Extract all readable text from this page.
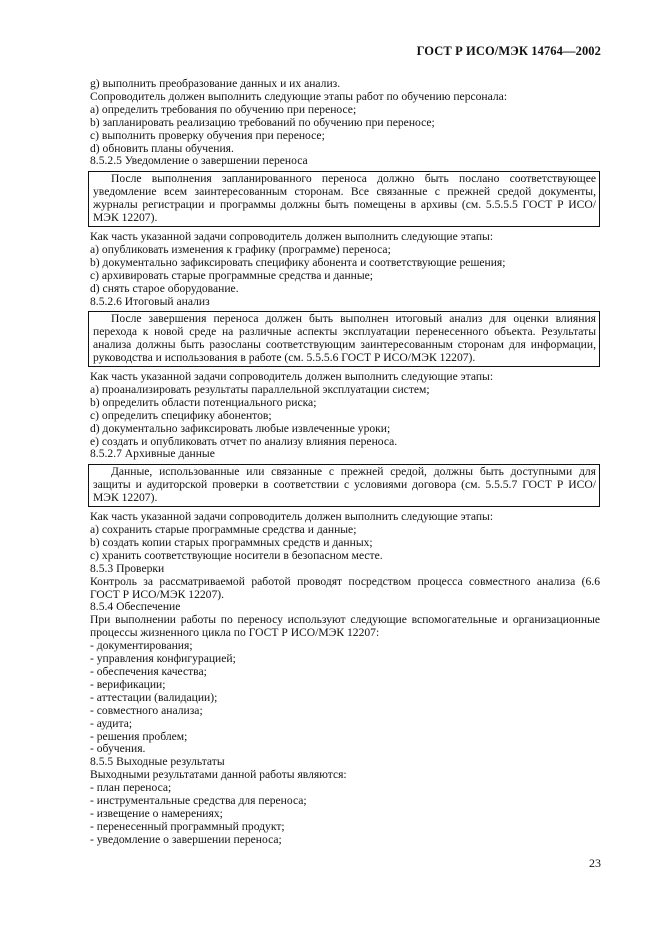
ГОСТ Р ИСО/МЭК 14764—2002

g) выполнить преобразование данных и их анализ.

Сопроводитель должен выполнить следующие этапы работ по обучению персонала:

a) определить требования по обучению при переносе;

b) запланировать реализацию требований по обучению при переносе;

c) выполнить проверку обучения при переносе;

d) обновить планы обучения.

8.5.2.5 Уведомление о завершении переноса

После выполнения запланированного переноса должно быть послано соответствующее уведомление всем заинтересованным сторонам. Все связанные с прежней средой документы, журналы регистрации и программы должны быть помещены в архивы (см. 5.5.5.5 ГОСТ Р ИСО/МЭК 12207).

Как часть указанной задачи сопроводитель должен выполнить следующие этапы:

a) опубликовать изменения к графику (программе) переноса;

b) документально зафиксировать специфику абонента и соответствующие решения;

c) архивировать старые программные средства и данные;

d) снять старое оборудование.

8.5.2.6 Итоговый анализ

После завершения переноса должен быть выполнен итоговый анализ для оценки влияния перехода к новой среде на различные аспекты эксплуатации перенесенного объекта. Результаты анализа должны быть разосланы соответствующим заинтересованным сторонам для информации, руководства и использования в работе (см. 5.5.5.6 ГОСТ Р ИСО/МЭК 12207).

Как часть указанной задачи сопроводитель должен выполнить следующие этапы:

a) проанализировать результаты параллельной эксплуатации систем;

b) определить области потенциального риска;

c) определить специфику абонентов;

d) документально зафиксировать любые извлеченные уроки;

e) создать и опубликовать отчет по анализу влияния переноса.

8.5.2.7 Архивные данные

Данные, использованные или связанные с прежней средой, должны быть доступными для защиты и аудиторской проверки в соответствии с условиями договора (см. 5.5.5.7 ГОСТ Р ИСО/ МЭК 12207).

Как часть указанной задачи сопроводитель должен выполнить следующие этапы:

a) сохранить старые программные средства и данные;

b) создать копии старых программных средств и данных;

c) хранить соответствующие носители в безопасном месте.

8.5.3 Проверки

Контроль за рассматриваемой работой проводят посредством процесса совместного анализа (6.6 ГОСТ Р ИСО/МЭК 12207).

8.5.4 Обеспечение

При выполнении работы по переносу используют следующие вспомогательные и организационные процессы жизненного цикла по ГОСТ Р ИСО/МЭК 12207:

- документирования;

- управления конфигурацией;

- обеспечения качества;

- верификации;

- аттестации (валидации);

- совместного анализа;

- аудита;

- решения проблем;

- обучения.

8.5.5 Выходные результаты

Выходными результатами данной работы являются:

- план переноса;

- инструментальные средства для переноса;

- извещение о намерениях;

- перенесенный программный продукт;

- уведомление о завершении переноса;

23
